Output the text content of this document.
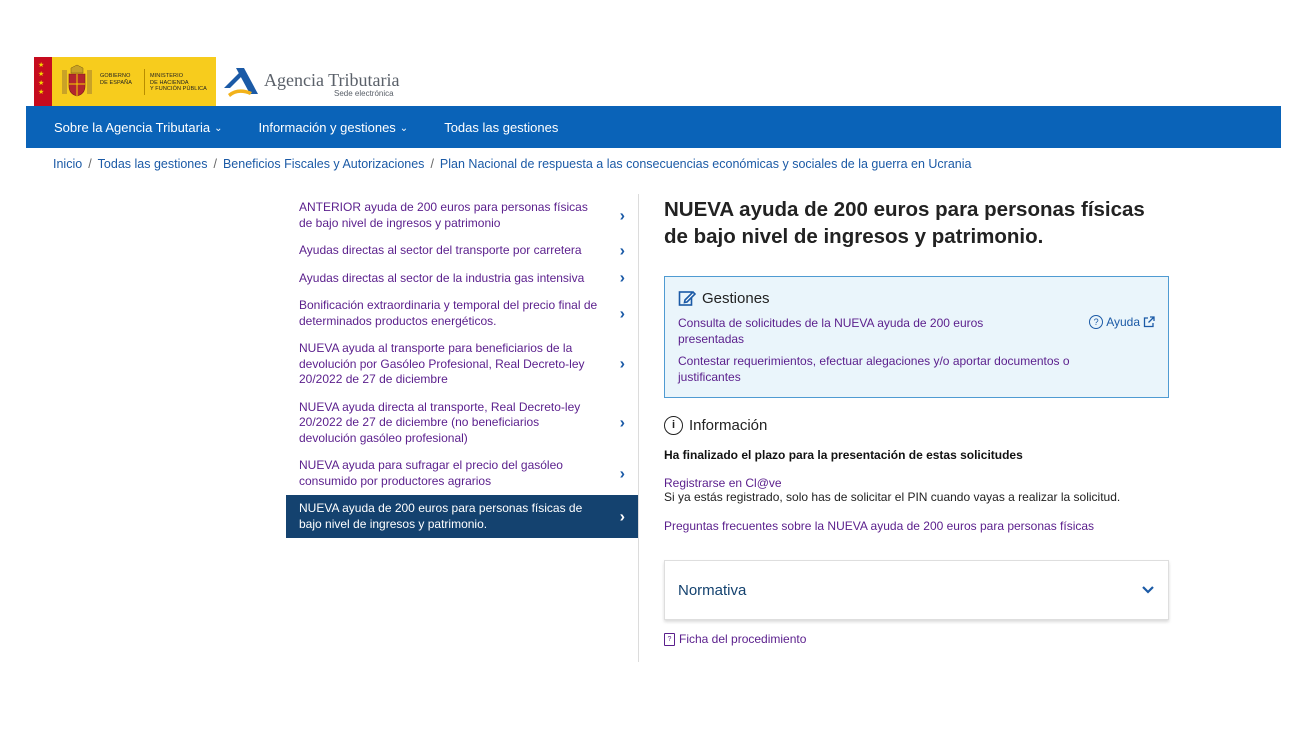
★
★
★
★
GOBIERNO
DE ESPAÑA
MINISTERIO
DE HACIENDA
Y FUNCIÓN PÚBLICA	Agencia Tributaria
Sede electrónica
Sobre la Agencia Tributaria ⌄	Información y gestiones ⌄	Todas las gestiones
Inicio / Todas las gestiones / Beneficios Fiscales y Autorizaciones / Plan Nacional de respuesta a las consecuencias económicas y sociales de la guerra en Ucrania
ANTERIOR ayuda de 200 euros para personas físicas de bajo nivel de ingresos y patrimonio	›
Ayudas directas al sector del transporte por carretera ›
Ayudas directas al sector de la industria gas intensiva ›
Bonificación extraordinaria y temporal del precio final de determinados productos energéticos.	›
NUEVA ayuda al transporte para beneficiarios de la devolución por Gasóleo Profesional, Real Decreto-ley 20/2022 de 27 de diciembre
›
NUEVA ayuda directa al transporte, Real Decreto-ley 20/2022 de 27 de diciembre (no beneficiarios devolución gasóleo profesional)
›
NUEVA ayuda para sufragar el precio del gasóleo consumido por productores agrarios	›
NUEVA ayuda de 200 euros para personas físicas de bajo nivel de ingresos y patrimonio.	›
NUEVA ayuda de 200 euros para personas físicas de bajo nivel de ingresos y patrimonio.
Gestiones
Consulta de solicitudes de la NUEVA ayuda de 200 euros presentadas
? Ayuda
Contestar requerimientos, efectuar alegaciones y/o aportar documentos o justificantes
i Información
Ha finalizado el plazo para la presentación de estas solicitudes
Registrarse en Cl@ve
Si ya estás registrado, solo has de solicitar el PIN cuando vayas a realizar la solicitud.
Preguntas frecuentes sobre la NUEVA ayuda de 200 euros para personas físicas
Normativa
? Ficha del procedimiento
